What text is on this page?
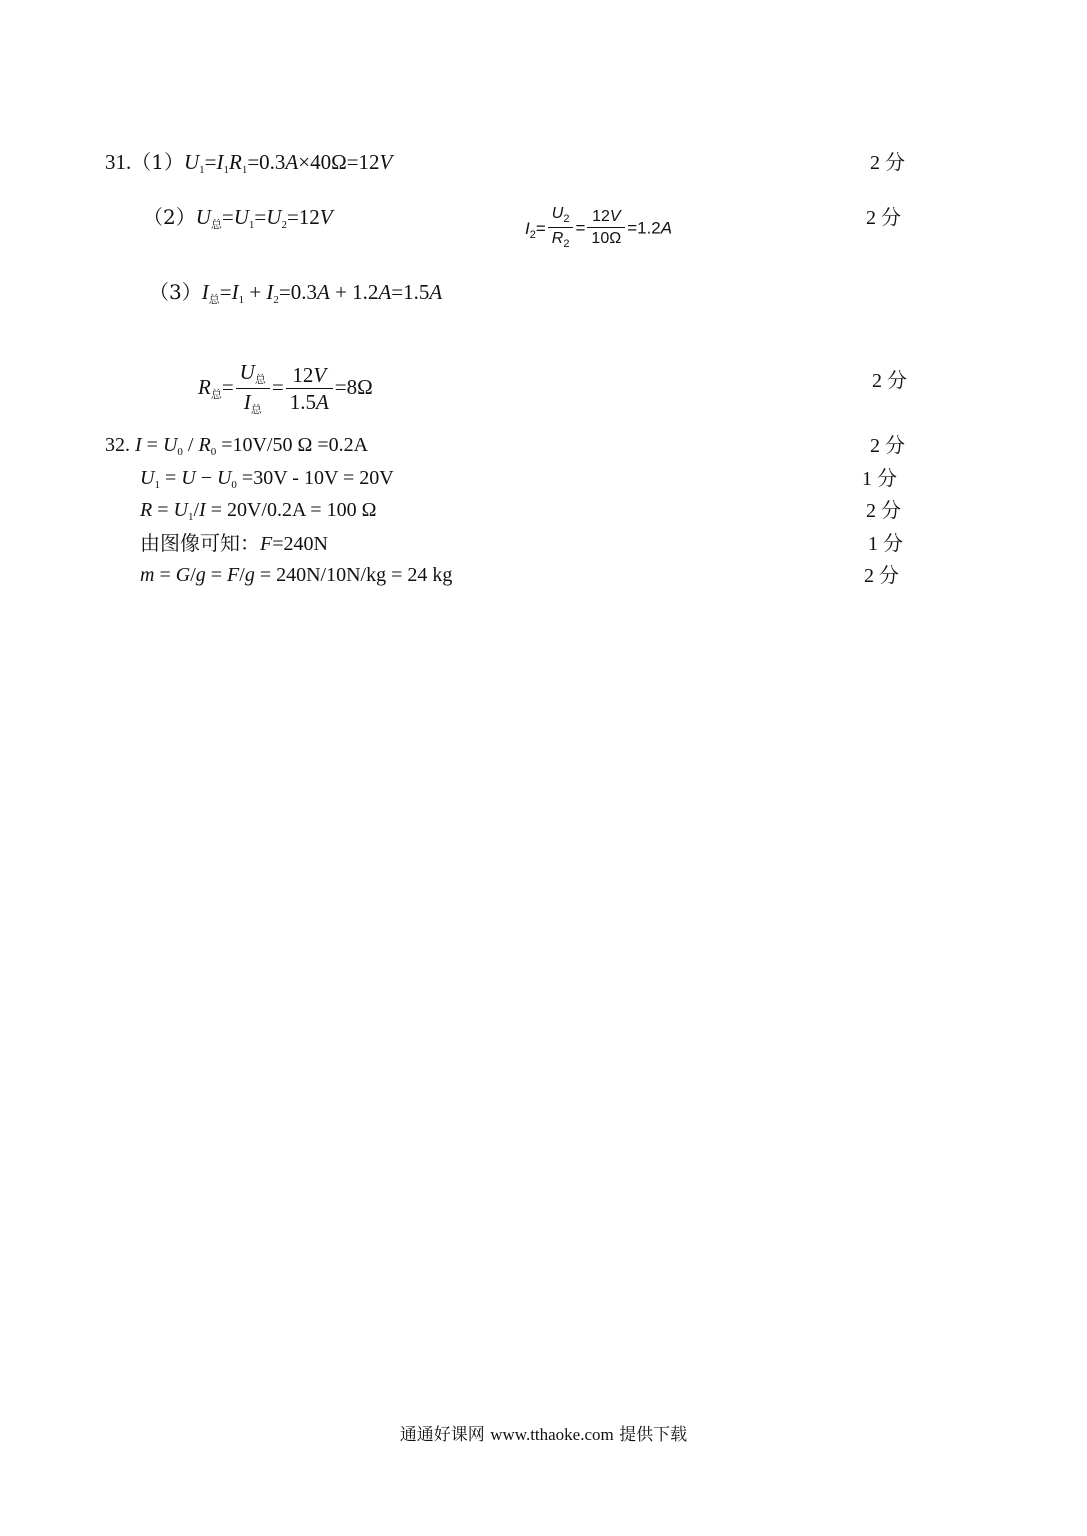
$31.(1)U_1=I_1R_1=0.3A\times 40\Omega=12V$	2 分
$(2)U_总=U_1=U_2=12V$	$I_2= \frac{U_2}{R_2} = \frac{12V}{10\Omega} =1.2A$	2 分
$(3)I_总=I_1 + I_2=0.3A + 1.2A=1.5A$
$R_总= \frac{U_总}{I_总} = \frac{12V}{1.5A} =8\Omega$	2 分
32. $I = U_0 / R_0 =10V/50$ Ω =0.2A	2 分
$U_1 = U - U_0 =30V - 10V = 20V$	1 分
$R = U_1/I = 20V/0.2A = 100$ Ω	2 分
由图像可知：F=240N	1 分
m = G/g = F/g = 240N/10N/kg = 24 kg	2 分
通通好课网 www.tthaoke.com 提供下载
